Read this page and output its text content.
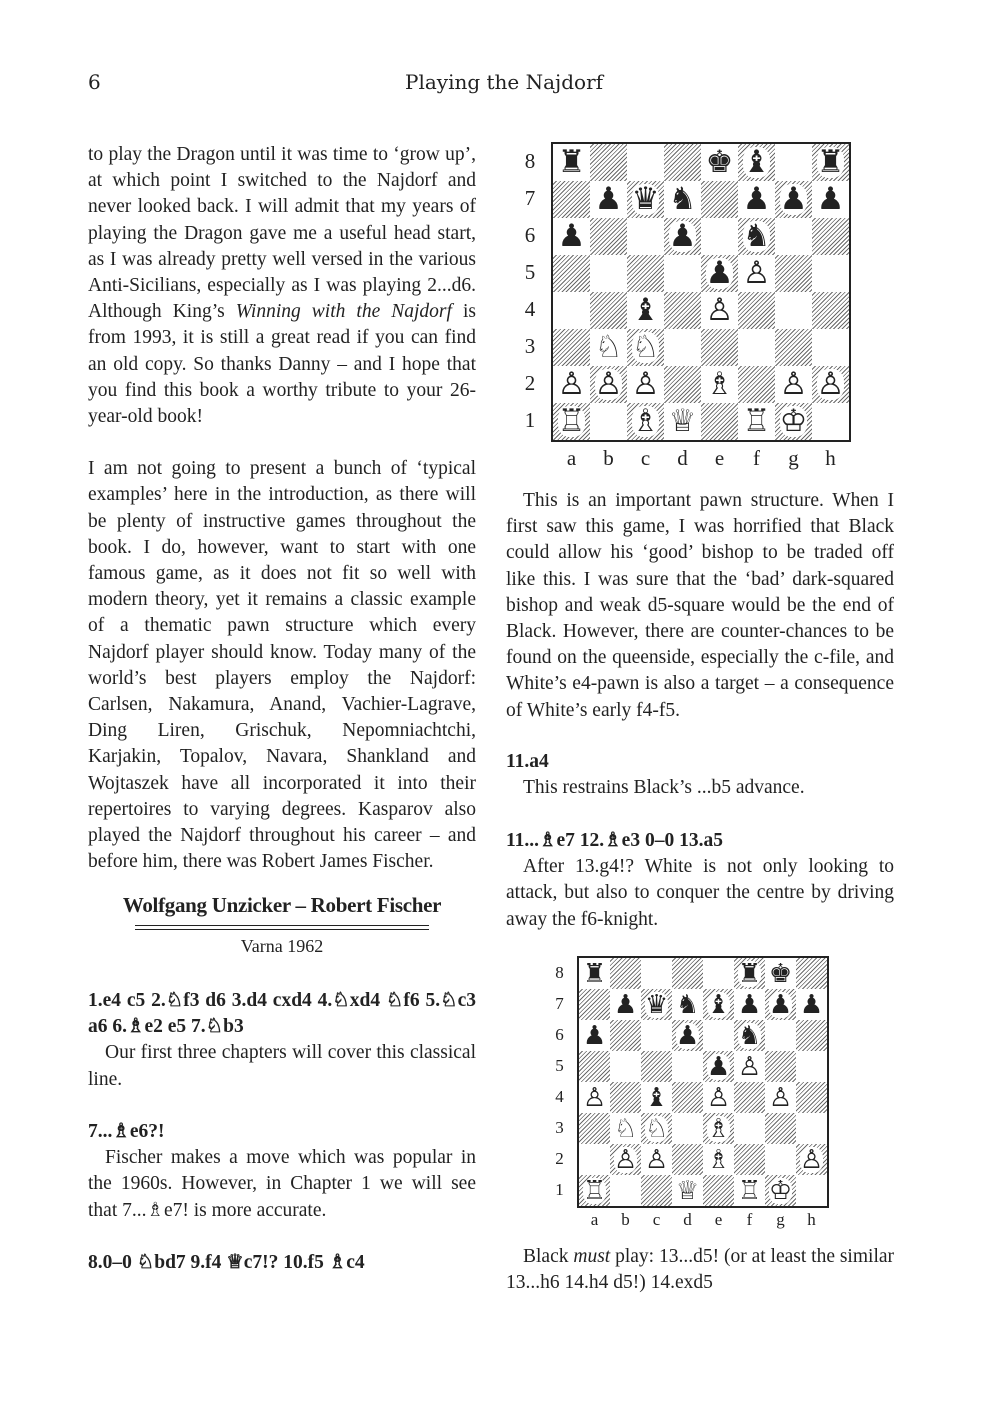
6	Playing the Najdorf

to play the Dragon until it was time to ‘grow up’, at which point I switched to the Najdorf and never looked back. I will admit that my years of playing the Dragon gave me a useful head start, as I was already pretty well versed in the various Anti-Sicilians, especially as I was playing 2...d6. Although King’s Winning with the Najdorf is from 1993, it is still a great read if you can find an old copy. So thanks Danny – and I hope that you find this book a worthy tribute to your 26-year-old book!

I am not going to present a bunch of ‘typical examples’ here in the introduction, as there will be plenty of instructive games throughout the book. I do, however, want to start with one famous game, as it does not fit so well with modern theory, yet it remains a classic example of a thematic pawn structure which every Najdorf player should know. Today many of the world’s best players employ the Najdorf: Carlsen, Nakamura, Anand, Vachier-Lagrave, Ding Liren, Grischuk, Nepomniachtchi, Karjakin, Topalov, Navara, Shankland and Wojtaszek have all incorporated it into their repertoires to varying degrees. Kasparov also played the Najdorf throughout his career – and before him, there was Robert James Fischer.

Wolfgang Unzicker – Robert Fischer
Varna 1962

1.e4 c5 2.♘f3 d6 3.d4 cxd4 4.♘xd4 ♘f6 5.♘c3 a6 6.♗e2 e5 7.♘b3

Our first three chapters will cover this classical line.

7...♗e6?!

Fischer makes a move which was popular in the 1960s. However, in Chapter 1 we will see that 7...♗e7! is more accurate.

8.0–0 ♘bd7 9.f4 ♕c7!? 10.f5 ♗c4

♜	♚ ♝ ♜
♟ ♛ ♞ ♟ ♟ ♟
♟	♟ ♞
♟ ♙
♝ ♙
♘ ♘
♙ ♙ ♙ ♗ ♙ ♙
♖ ♗ ♕ ♖ ♔
8
7
6
5
4
3
2
1
a	b	c	d	e	f	g	h

This is an important pawn structure. When I first saw this game, I was horrified that Black could allow his ‘good’ bishop to be traded off like this. I was sure that the ‘bad’ dark-squared bishop and weak d5-square would be the end of Black. However, there are counter-chances to be found on the queenside, especially the c-file, and White’s e4-pawn is also a target – a consequence of White’s early f4-f5.

11.a4

This restrains Black’s ...b5 advance.

11...♗e7 12.♗e3 0–0 13.a5

After 13.g4!? White is not only looking to attack, but also to conquer the centre by driving away the f6-knight.

♜	♜ ♚
♟ ♛ ♞ ♝ ♟ ♟ ♟
♟	♟ ♞
♟ ♙
♙ ♝ ♙ ♙
♘ ♘ ♗
♙ ♙ ♗	♙
♖	♕ ♖ ♔
8
7
6
5
4
3
2
1
a	b	c	d	e	f	g	h

Black must play: 13...d5! (or at least the similar 13...h6 14.h4 d5!) 14.exd5
